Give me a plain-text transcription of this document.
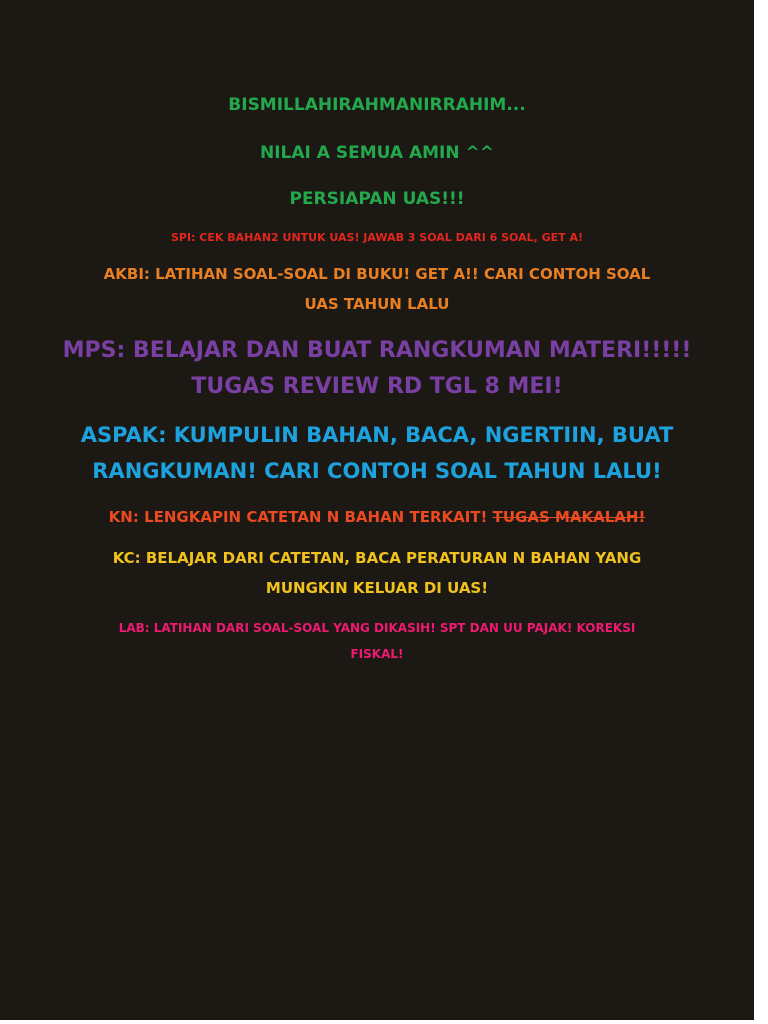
BISMILLAHIRAHMANIRRAHIM...
NILAI A SEMUA AMIN ^^
PERSIAPAN UAS!!!
SPI: CEK BAHAN2 UNTUK UAS! JAWAB 3 SOAL DARI 6 SOAL, GET A!
AKBI: LATIHAN SOAL-SOAL DI BUKU! GET A!! CARI CONTOH SOAL
UAS TAHUN LALU
MPS: BELAJAR DAN BUAT RANGKUMAN MATERI!!!!!
TUGAS REVIEW RD TGL 8 MEI!
ASPAK: KUMPULIN BAHAN, BACA, NGERTIIN, BUAT
RANGKUMAN! CARI CONTOH SOAL TAHUN LALU!
KN: LENGKAPIN CATETAN N BAHAN TERKAIT! TUGAS MAKALAH!
KC: BELAJAR DARI CATETAN, BACA PERATURAN N BAHAN YANG
MUNGKIN KELUAR DI UAS!
LAB: LATIHAN DARI SOAL-SOAL YANG DIKASIH! SPT DAN UU PAJAK! KOREKSI
FISKAL!
